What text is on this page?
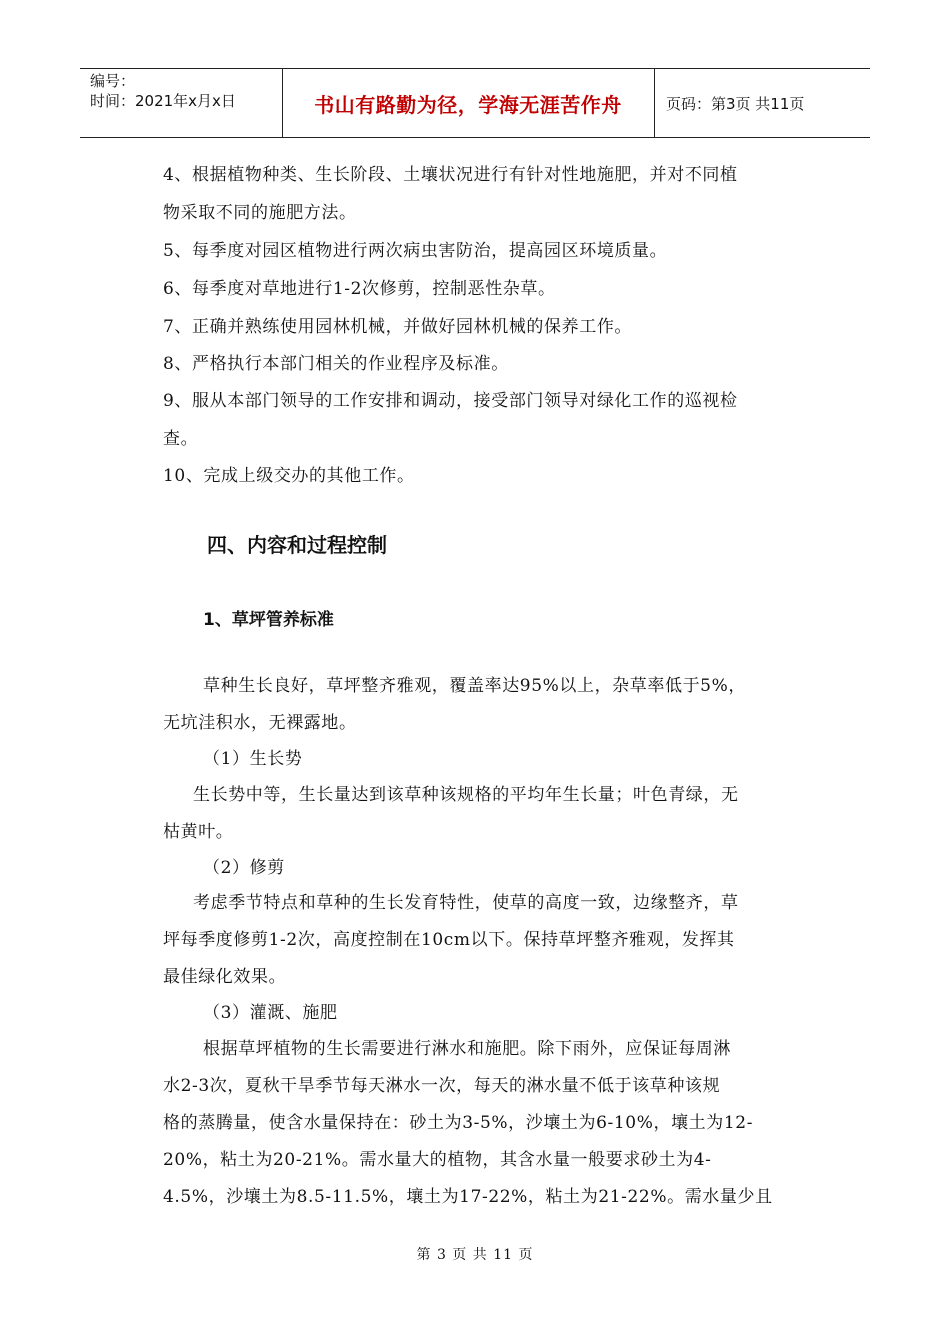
编号：
时间：2021年x月x日	书山有路勤为径，学海无涯苦作舟	页码：第3页 共11页
4、根据植物种类、生长阶段、土壤状况进行有针对性地施肥，并对不同植
物采取不同的施肥方法。
5、每季度对园区植物进行两次病虫害防治，提高园区环境质量。
6、每季度对草地进行1-2次修剪，控制恶性杂草。
7、正确并熟练使用园林机械，并做好园林机械的保养工作。
8、严格执行本部门相关的作业程序及标准。
9、服从本部门领导的工作安排和调动，接受部门领导对绿化工作的巡视检
查。
10、完成上级交办的其他工作。
四、内容和过程控制
1、草坪管养标准
草种生长良好，草坪整齐雅观，覆盖率达95%以上，杂草率低于5%，
无坑洼积水，无裸露地。
（1）生长势
生长势中等，生长量达到该草种该规格的平均年生长量；叶色青绿，无
枯黄叶。
（2）修剪
考虑季节特点和草种的生长发育特性，使草的高度一致，边缘整齐，草
坪每季度修剪1-2次，高度控制在10cm以下。保持草坪整齐雅观，发挥其
最佳绿化效果。
（3）灌溉、施肥
根据草坪植物的生长需要进行淋水和施肥。除下雨外，应保证每周淋
水2-3次，夏秋干旱季节每天淋水一次，每天的淋水量不低于该草种该规
格的蒸腾量，使含水量保持在：砂土为3-5%，沙壤土为6-10%，壤土为12-
20%，粘土为20-21%。需水量大的植物，其含水量一般要求砂土为4-
4.5%，沙壤土为8.5-11.5%，壤土为17-22%，粘土为21-22%。需水量少且
第 3 页 共 11 页
